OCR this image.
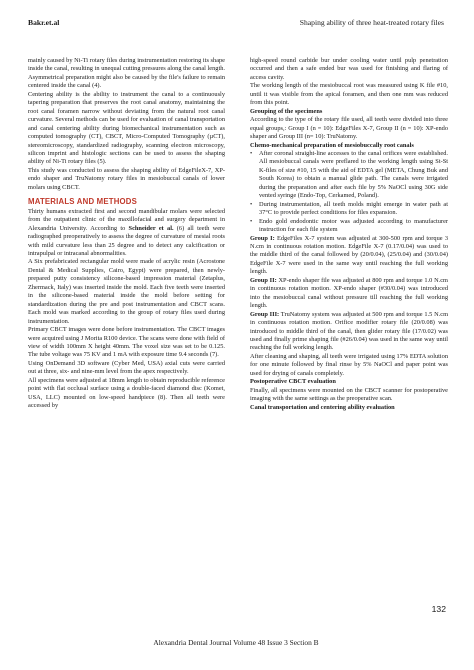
Bakr.et.al	Shaping ability of three heat-treated rotary files

mainly caused by Ni-Ti rotary files during instrumentation restoring its shape inside the canal, resulting in unequal cutting pressures along the canal length. Asymmetrical preparation might also be caused by the file's failure to remain centered inside the canal (4).

Centering ability is the ability to instrument the canal to a continuously tapering preparation that preserves the root canal anatomy, maintaining the root canal foramen narrow without deviating from the natural root canal curvature. Several methods can be used for evaluation of canal transportation and canal centering ability during biomechanical instrumentation such as computed tomography (CT), CBCT, Micro-Computed Tomography (µCT), stereomicroscopy, standardized radiography, scanning electron microscopy, silicon imprint and histologic sections can be used to assess the shaping ability of Ni-Ti rotary files (5).

This study was conducted to assess the shaping ability of EdgeFileX-7, XP-endo shaper and TruNatomy rotary files in mesiobuccal canals of lower molars using CBCT.

MATERIALS AND METHODS

Thirty humans extracted first and second mandibular molars were selected from the outpatient clinic of the maxillofacial and surgery department in Alexandria University. According to Schneider et al. (6) all teeth were radiographed preoperatively to assess the degree of curvature of mesial roots with mild curvature less than 25 degree and to detect any calcification or intrapulpal or intracanal abnormalities.

A Six prefabricated rectangular mold were made of acrylic resin (Acrostone Dental & Medical Supplies, Cairo, Egypt) were prepared, then newly-prepared putty consistency silicone-based impression material (Zetaplus, Zhermack, Italy) was inserted inside the mold. Each five teeth were inserted in the silicone-based material inside the mold before setting for standardization during the pre and post instrumentation and CBCT scans. Each mold was marked according to the group of rotary files used during instrumentation.

Primary CBCT images were done before instrumentation. The CBCT images were acquired using J Morita R100 device. The scans were done with field of view of width 100mm X height 40mm. The voxel size was set to be 0.125. The tube voltage was 75 KV and 1 mA with exposure time 9.4 seconds (7).

Using OnDemand 3D software (Cyber Med, USA) axial cuts were carried out at three, six- and nine-mm level from the apex respectively.

All specimens were adjusted at 18mm length to obtain reproducible reference point with flat occlusal surface using a double-faced diamond disc (Komet, USA, LLC) mounted on low-speed handpiece (8). Then all teeth were accessed by

high-speed round carbide bur under cooling water until pulp penetration occurred and then a safe ended bur was used for finishing and flaring of access cavity.

The working length of the mesiobuccal root was measured using K file #10, until it was visible from the apical foramen, and then one mm was reduced from this point.

Grouping of the specimens

According to the type of the rotary file used, all teeth were divided into three equal groups,: Group I (n = 10): EdgeFiles X-7, Group II (n = 10): XP-endo shaper and Group III (n= 10): TruNatomy.

Chemo-mechanical preparation of mesiobuccally root canals

• After coronal straight-line accesses to the canal orifices were established. All mesiobuccal canals were preflared to the working length using St-St K-files of size #10, 15 with the aid of EDTA gel (META, Chung Buk and South Korea) to obtain a manual glide path. The canals were irrigated during the preparation and after each file by 5% NaOCl using 30G side vented syringe (Endo-Top, Cerkamed, Poland).
• During instrumentation, all teeth molds might emerge in water path at 37°C to provide perfect conditions for files expansion.
• Endo gold endodontic motor was adjusted according to manufacturer instruction for each file system

Group I: EdgeFiles X-7 system was adjusted at 300-500 rpm and torque 3 N.cm in continuous rotation motion. EdgeFile X-7 (0.17/0.04) was used to the middle third of the canal followed by (20/0.04), (25/0.04) and (30/0.04) EdgeFile X-7 were used in the same way until reaching the full working length.

Group II: XP-endo shaper file was adjusted at 800 rpm and torque 1.0 N.cm in continuous rotation motion. XP-endo shaper (#30/0.04) was introduced into the mesiobuccal canal without pressure till reaching the full working length.

Group III: TruNatomy system was adjusted at 500 rpm and torque 1.5 N.cm in continuous rotation motion. Orifice modifier rotary file (20/0.08) was introduced to middle third of the canal, then glider rotary file (17/0.02) was used and finally prime shaping file (#26/0.04) was used in the same way until reaching the full working length.

After cleaning and shaping, all teeth were irrigated using 17% EDTA solution for one minute followed by final rinse by 5% NaOCl and paper point was used for drying of canals completely.

Postoperative CBCT evaluation

Finally, all specimens were mounted on the CBCT scanner for postoperative imaging with the same settings as the preoperative scan.

Canal transportation and centering ability evaluation

132
Alexandria Dental Journal Volume 48 Issue 3 Section B
